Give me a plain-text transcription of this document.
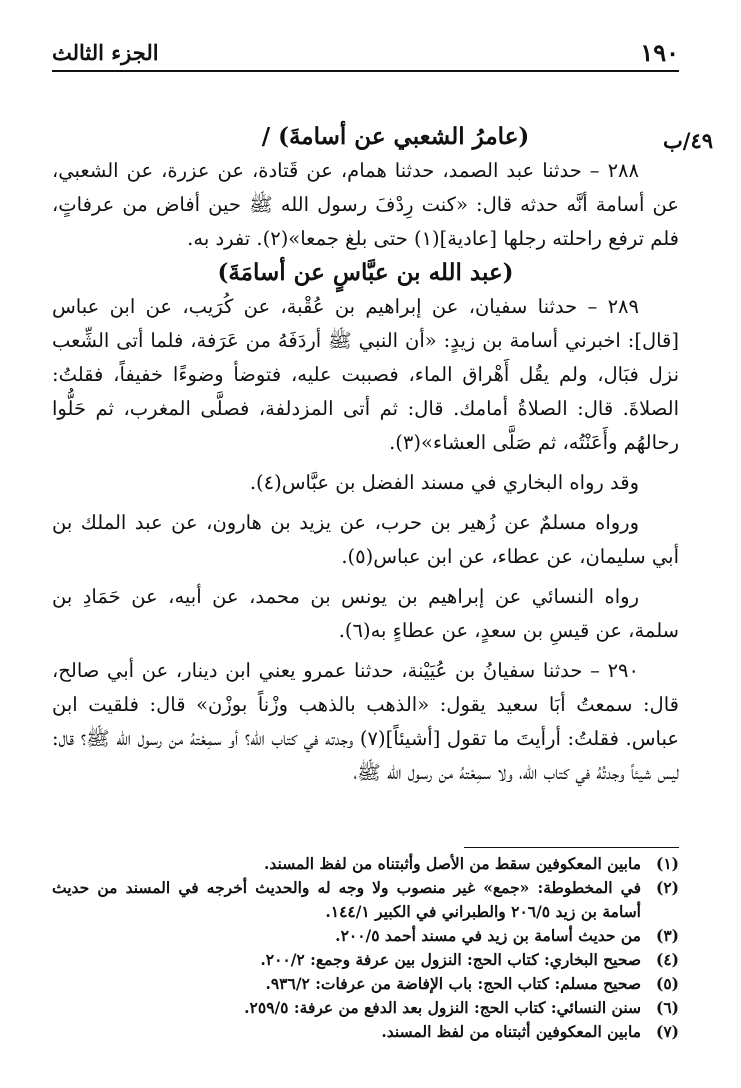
١٩٠
الجزء الثالث
٤٩/ب

(عامرُ الشعبي عن أسامةَ) /

٢٨٨ – حدثنا عبد الصمد، حدثنا همام، عن قَتادة، عن عزرة، عن الشعبي، عن أسامة أنَّه حدثه قال: «كنت رِدْفَ رسول الله ﷺ حين أفاض من عرفاتٍ، فلم ترفع راحلته رجلها [عادية](١) حتى بلغ جمعا»(٢). تفرد به.

(عبد الله بن عبَّاسٍ عن أسامَةَ)

٢٨٩ – حدثنا سفيان، عن إبراهيم بن عُقْبة، عن كُرَيب، عن ابن عباس [قال]: اخبرني أسامة بن زيدٍ: «أن النبي ﷺ أردَفَهُ من عَرَفة، فلما أتى الشِّعب نزل فبَال، ولم يقُل أَهْراق الماء، فصببت عليه، فتوضأ وضوءًا خفيفاً، فقلتُ: الصلاةَ. قال: الصلاةُ أمامك. قال: ثم أتى المزدلفة، فصلَّى المغرب، ثم حَلُّوا رحالهُم وأَعَنْتُه، ثم صَلَّى العشاء»(٣).

وقد رواه البخاري في مسند الفضل بن عبَّاس(٤).

ورواه مسلمٌ عن زُهير بن حرب، عن يزيد بن هارون، عن عبد الملك بن أبي سليمان، عن عطاء، عن ابن عباس(٥).

رواه النسائي عن إبراهيم بن يونس بن محمد، عن أبيه، عن حَمَادِ بن سلمة، عن قيسِ بن سعدٍ، عن عطاءٍ به(٦).

٢٩٠ – حدثنا سفيانُ بن عُيَيْنة، حدثنا عمرو يعني ابن دينار، عن أبي صالح، قال: سمعتُ أبَا سعيد يقول: «الذهب بالذهب وزْناً بوزْن» قال: فلقيت ابن عباس. فقلتُ: أرأيتَ ما تقول [أشيئاً](٧) وجدته في كتاب الله؟ أو سمِعْتهُ من رسول الله ﷺ؟ قال: ليس شيئاً وجدتُهُ في كتاب الله، ولا سمِعْتهُ من رسول الله ﷺ،

(١)
مابين المعكوفين سقط من الأصل وأثبتناه من لفظ المسند.
(٢)
في المخطوطة: «جمع» غير منصوب ولا وجه له والحديث أخرجه في المسند من حديث أسامة بن زيد ٢٠٦/٥ والطبراني في الكبير ١٤٤/١.
(٣)
من حديث أسامة بن زيد في مسند أحمد ٢٠٠/٥.
(٤)
صحيح البخاري: كتاب الحج: النزول بين عرفة وجمع: ٢٠٠/٢.
(٥)
صحيح مسلم: كتاب الحج: باب الإفاضة من عرفات: ٩٣٦/٢.
(٦)
سنن النسائي: كتاب الحج: النزول بعد الدفع من عرفة: ٢٥٩/٥.
(٧)
مابين المعكوفين أثبتناه من لفظ المسند.
